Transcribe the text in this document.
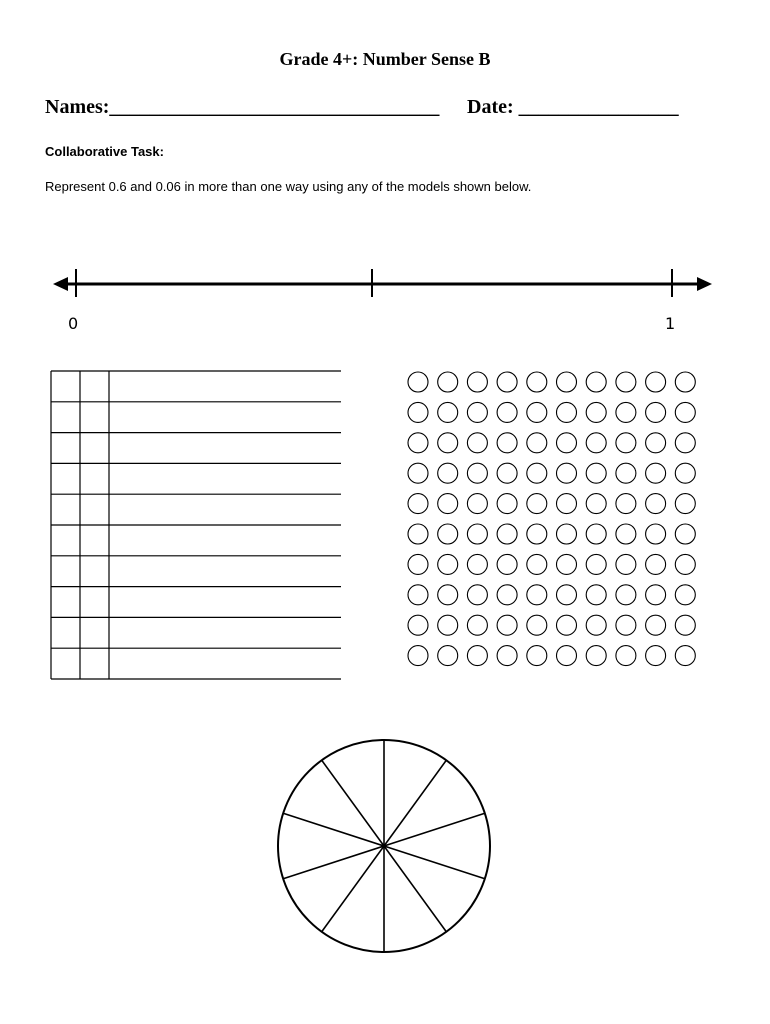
Grade 4+: Number Sense B
Names:_________________________________ Date: ________________
Collaborative Task:
Represent 0.6 and 0.06 in more than one way using any of the models shown below.
0	1
